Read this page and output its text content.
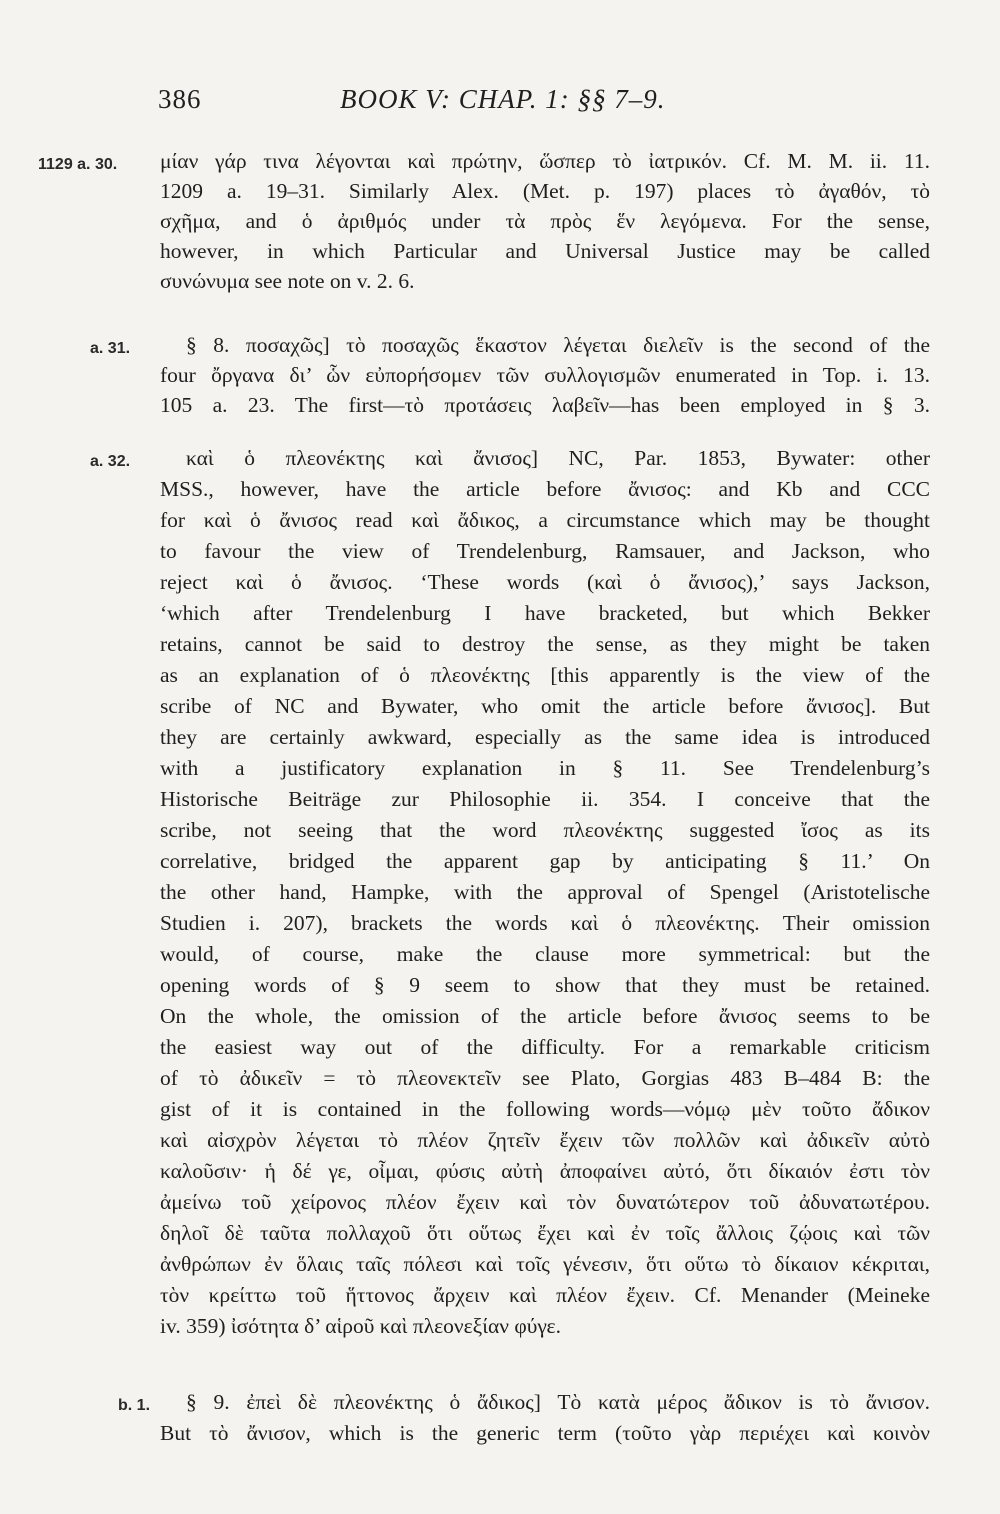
386	BOOK V: CHAP. 1: §§ 7–9.
1129 a. 30. μίαν γάρ τινα λέγονται καὶ πρώτην, ὥσπερ τὸ ἰατρικόν. Cf. M. M. ii. 11.
1209 a. 19–31. Similarly Alex. (Met. p. 197) places τὸ ἀγαθόν, τὸ
σχῆμα, and ὁ ἀριθμός under τὰ πρὸς ἕν λεγόμενα. For the sense,
however, in which Particular and Universal Justice may be called
συνώνυμα see note on v. 2. 6.
a. 31.	§ 8. ποσαχῶς] τὸ ποσαχῶς ἕκαστον λέγεται διελεῖν is the second of the
four ὄργανα δι’ ὧν εὐπορήσομεν τῶν συλλογισμῶν enumerated in Top. i. 13.
105 a. 23. The first—τὸ προτάσεις λαβεῖν—has been employed in § 3.
a. 32.	καὶ ὁ πλεονέκτης καὶ ἄνισος] NC, Par. 1853, Bywater: other
MSS., however, have the article before ἄνισος: and Kb and CCC
for καὶ ὁ ἄνισος read καὶ ἄδικος, a circumstance which may be thought
to favour the view of Trendelenburg, Ramsauer, and Jackson, who
reject καὶ ὁ ἄνισος. ‘These words (καὶ ὁ ἄνισος),’ says Jackson,
‘which after Trendelenburg I have bracketed, but which Bekker
retains, cannot be said to destroy the sense, as they might be taken
as an explanation of ὁ πλεονέκτης [this apparently is the view of the
scribe of NC and Bywater, who omit the article before ἄνισος]. But
they are certainly awkward, especially as the same idea is introduced
with a justificatory explanation in § 11. See Trendelenburg’s
Historische Beiträge zur Philosophie ii. 354. I conceive that the
scribe, not seeing that the word πλεονέκτης suggested ἴσος as its
correlative, bridged the apparent gap by anticipating § 11.’ On
the other hand, Hampke, with the approval of Spengel (Aristotelische
Studien i. 207), brackets the words καὶ ὁ πλεονέκτης. Their omission
would, of course, make the clause more symmetrical: but the
opening words of § 9 seem to show that they must be retained.
On the whole, the omission of the article before ἄνισος seems to be
the easiest way out of the difficulty. For a remarkable criticism
of τὸ ἀδικεῖν = τὸ πλεονεκτεῖν see Plato, Gorgias 483 B–484 B: the
gist of it is contained in the following words—νόμῳ μὲν τοῦτο ἄδικον
καὶ αἰσχρὸν λέγεται τὸ πλέον ζητεῖν ἔχειν τῶν πολλῶν καὶ ἀδικεῖν αὐτὸ
καλοῦσιν· ἡ δέ γε, οἶμαι, φύσις αὐτὴ ἀποφαίνει αὐτό, ὅτι δίκαιόν ἐστι τὸν
ἀμείνω τοῦ χείρονος πλέον ἔχειν καὶ τὸν δυνατώτερον τοῦ ἀδυνατωτέρου.
δηλοῖ δὲ ταῦτα πολλαχοῦ ὅτι οὕτως ἔχει καὶ ἐν τοῖς ἄλλοις ζῴοις καὶ τῶν
ἀνθρώπων ἐν ὅλαις ταῖς πόλεσι καὶ τοῖς γένεσιν, ὅτι οὕτω τὸ δίκαιον κέκριται,
τὸν κρείττω τοῦ ἥττονος ἄρχειν καὶ πλέον ἔχειν. Cf. Menander (Meineke
iv. 359) ἰσότητα δ’ αἱροῦ καὶ πλεονεξίαν φύγε.
b. 1. § 9. ἐπεὶ δὲ πλεονέκτης ὁ ἄδικος] Τὸ κατὰ μέρος ἄδικον is τὸ ἄνισον.
But τὸ ἄνισον, which is the generic term (τοῦτο γὰρ περιέχει καὶ κοινὸν
